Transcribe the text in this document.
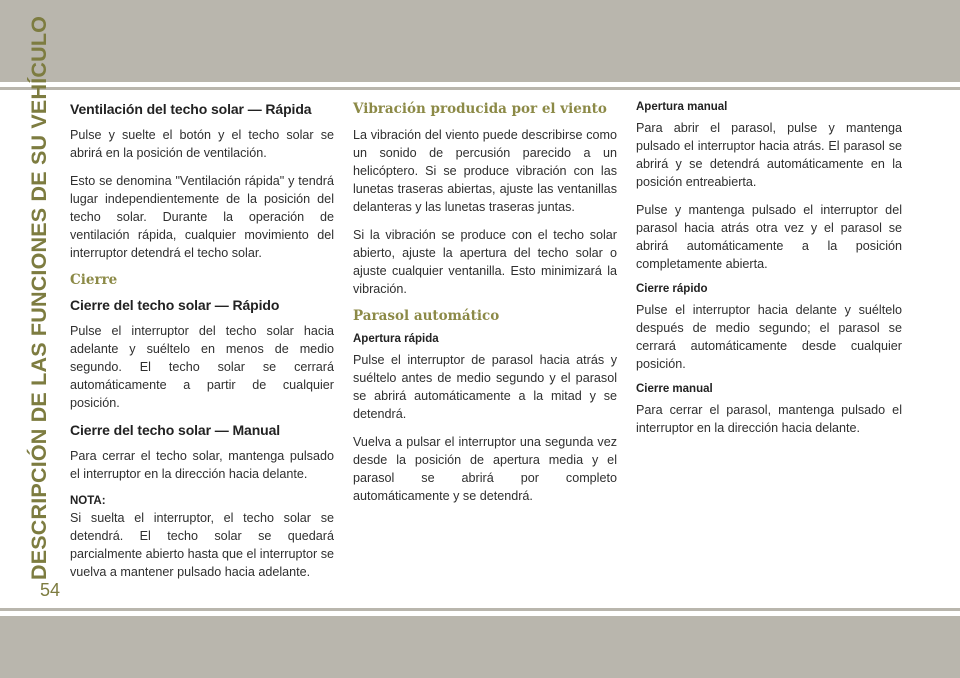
DESCRIPCIÓN DE LAS FUNCIONES DE SU VEHÍCULO
54
Ventilación del techo solar — Rápida

Pulse y suelte el botón y el techo solar se abrirá en la posición de ventilación.

Esto se denomina "Ventilación rápida" y tendrá lugar independientemente de la posición del techo solar. Durante la operación de ventilación rápida, cualquier movimiento del interruptor detendrá el techo solar.

Cierre
Cierre del techo solar — Rápido

Pulse el interruptor del techo solar hacia adelante y suéltelo en menos de medio segundo. El techo solar se cerrará automáticamente a partir de cualquier posición.

Cierre del techo solar — Manual

Para cerrar el techo solar, mantenga pulsado el interruptor en la dirección hacia delante.

NOTA:

Si suelta el interruptor, el techo solar se detendrá. El techo solar se quedará parcialmente abierto hasta que el interruptor se vuelva a mantener pulsado hacia adelante.

Vibración producida por el viento

La vibración del viento puede describirse como un sonido de percusión parecido a un helicóptero. Si se produce vibración con las lunetas traseras abiertas, ajuste las ventanillas delanteras y las lunetas traseras juntas.

Si la vibración se produce con el techo solar abierto, ajuste la apertura del techo solar o ajuste cualquier ventanilla. Esto minimizará la vibración.

Parasol automático
Apertura rápida

Pulse el interruptor de parasol hacia atrás y suéltelo antes de medio segundo y el parasol se abrirá automáticamente a la mitad y se detendrá.

Vuelva a pulsar el interruptor una segunda vez desde la posición de apertura media y el parasol se abrirá por completo automáticamente y se detendrá.

Apertura manual

Para abrir el parasol, pulse y mantenga pulsado el interruptor hacia atrás. El parasol se abrirá y se detendrá automáticamente en la posición entreabierta.

Pulse y mantenga pulsado el interruptor del parasol hacia atrás otra vez y el parasol se abrirá automáticamente a la posición completamente abierta.

Cierre rápido

Pulse el interruptor hacia delante y suéltelo después de medio segundo; el parasol se cerrará automáticamente desde cualquier posición.

Cierre manual

Para cerrar el parasol, mantenga pulsado el interruptor en la dirección hacia delante.
